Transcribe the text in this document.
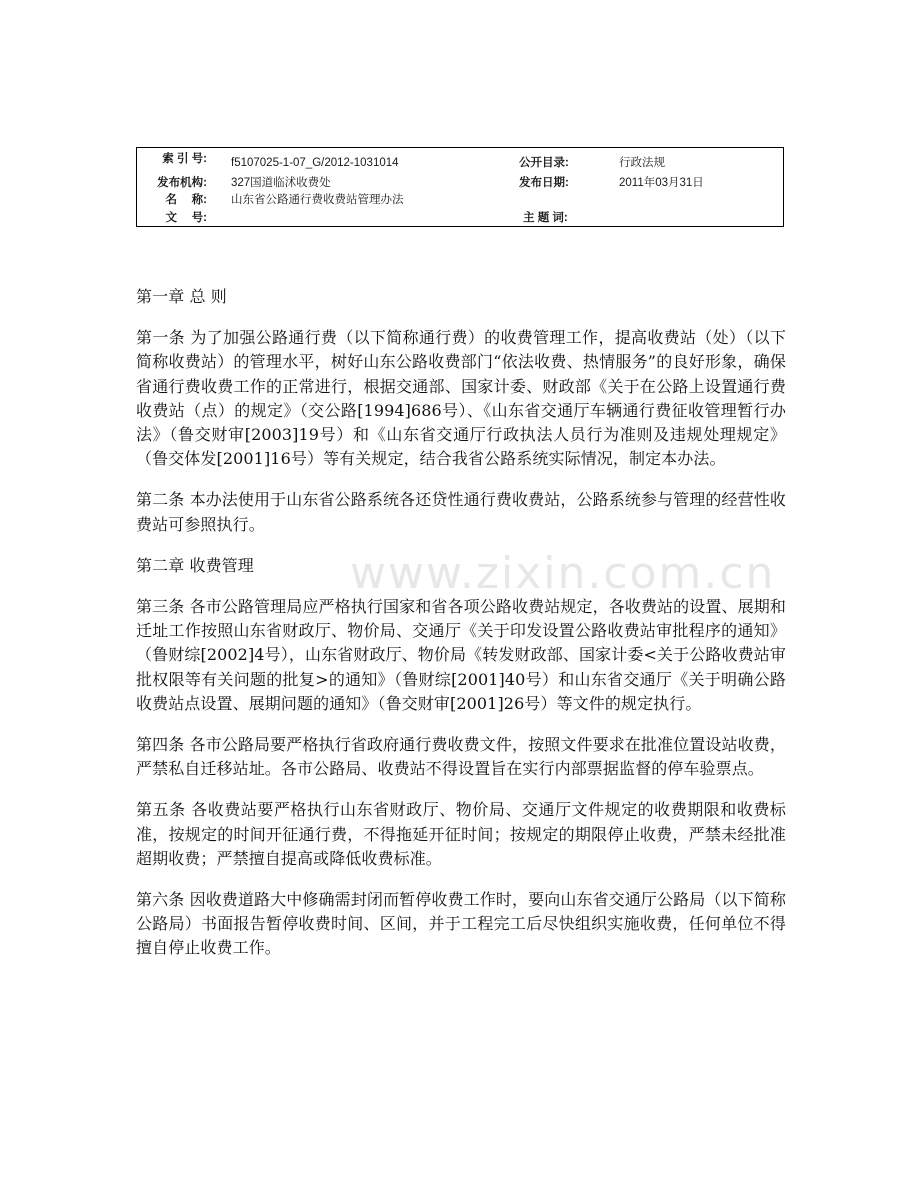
索 引 号: f5107025-1-07_G/2012-1031014	公开目录:	行政法规
发布机构: 327国道临沭收费处	发布日期:	2011年03月31日
名　 称: 山东省公路通行费收费站管理办法
文　 号:	主 题 词:

第一章 总 则

第一条 为了加强公路通行费（以下简称通行费）的收费管理工作，提高收费站（处）（以下简称收费站）的管理水平，树好山东公路收费部门“依法收费、热情服务”的良好形象，确保省通行费收费工作的正常进行，根据交通部、国家计委、财政部《关于在公路上设置通行费收费站（点）的规定》（交公路[1994]686号）、《山东省交通厅车辆通行费征收管理暂行办法》（鲁交财审[2003]19号）和《山东省交通厅行政执法人员行为准则及违规处理规定》（鲁交体发[2001]16号）等有关规定，结合我省公路系统实际情况，制定本办法。

第二条 本办法使用于山东省公路系统各还贷性通行费收费站，公路系统参与管理的经营性收费站可参照执行。

第二章 收费管理

第三条 各市公路管理局应严格执行国家和省各项公路收费站规定，各收费站的设置、展期和迁址工作按照山东省财政厅、物价局、交通厅《关于印发设置公路收费站审批程序的通知》（鲁财综[2002]4号），山东省财政厅、物价局《转发财政部、国家计委<关于公路收费站审批权限等有关问题的批复>的通知》（鲁财综[2001]40号）和山东省交通厅《关于明确公路收费站点设置、展期问题的通知》（鲁交财审[2001]26号）等文件的规定执行。

第四条 各市公路局要严格执行省政府通行费收费文件，按照文件要求在批准位置设站收费，严禁私自迁移站址。各市公路局、收费站不得设置旨在实行内部票据监督的停车验票点。

第五条 各收费站要严格执行山东省财政厅、物价局、交通厅文件规定的收费期限和收费标准，按规定的时间开征通行费，不得拖延开征时间；按规定的期限停止收费，严禁未经批准超期收费；严禁擅自提高或降低收费标准。

第六条 因收费道路大中修确需封闭而暂停收费工作时，要向山东省交通厅公路局（以下简称公路局）书面报告暂停收费时间、区间，并于工程完工后尽快组织实施收费，任何单位不得擅自停止收费工作。

www.zixin.com.cn
